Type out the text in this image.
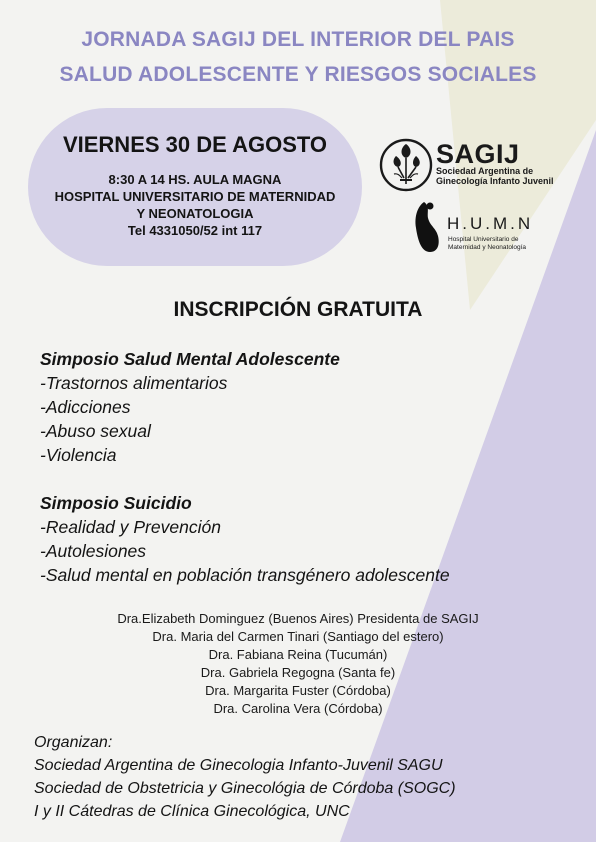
JORNADA SAGIJ DEL INTERIOR DEL PAIS
SALUD ADOLESCENTE Y RIESGOS SOCIALES
VIERNES 30 DE AGOSTO
8:30 A 14 HS. AULA MAGNA
HOSPITAL UNIVERSITARIO DE MATERNIDAD
Y NEONATOLOGIA
Tel 4331050/52 int 117
SAGIJ
Sociedad Argentina de
Ginecología Infanto Juvenil
H.U.M.N
Hospital Universitario de
Maternidad y Neonatología
INSCRIPCIÓN GRATUITA
Simposio Salud Mental Adolescente
-Trastornos alimentarios
-Adicciones
-Abuso sexual
-Violencia
Simposio Suicidio
-Realidad y Prevención
-Autolesiones
-Salud mental en población transgénero adolescente
Dra.Elizabeth Dominguez (Buenos Aires) Presidenta de SAGIJ
Dra. Maria del Carmen Tinari (Santiago del estero)
Dra. Fabiana Reina (Tucumán)
Dra. Gabriela Regogna (Santa fe)
Dra. Margarita Fuster (Córdoba)
Dra. Carolina Vera (Córdoba)
Organizan:
Sociedad Argentina de Ginecologia Infanto-Juvenil SAGU
Sociedad de Obstetricia y Ginecológia de Córdoba (SOGC)
I y II Cátedras de Clínica Ginecológica, UNC
